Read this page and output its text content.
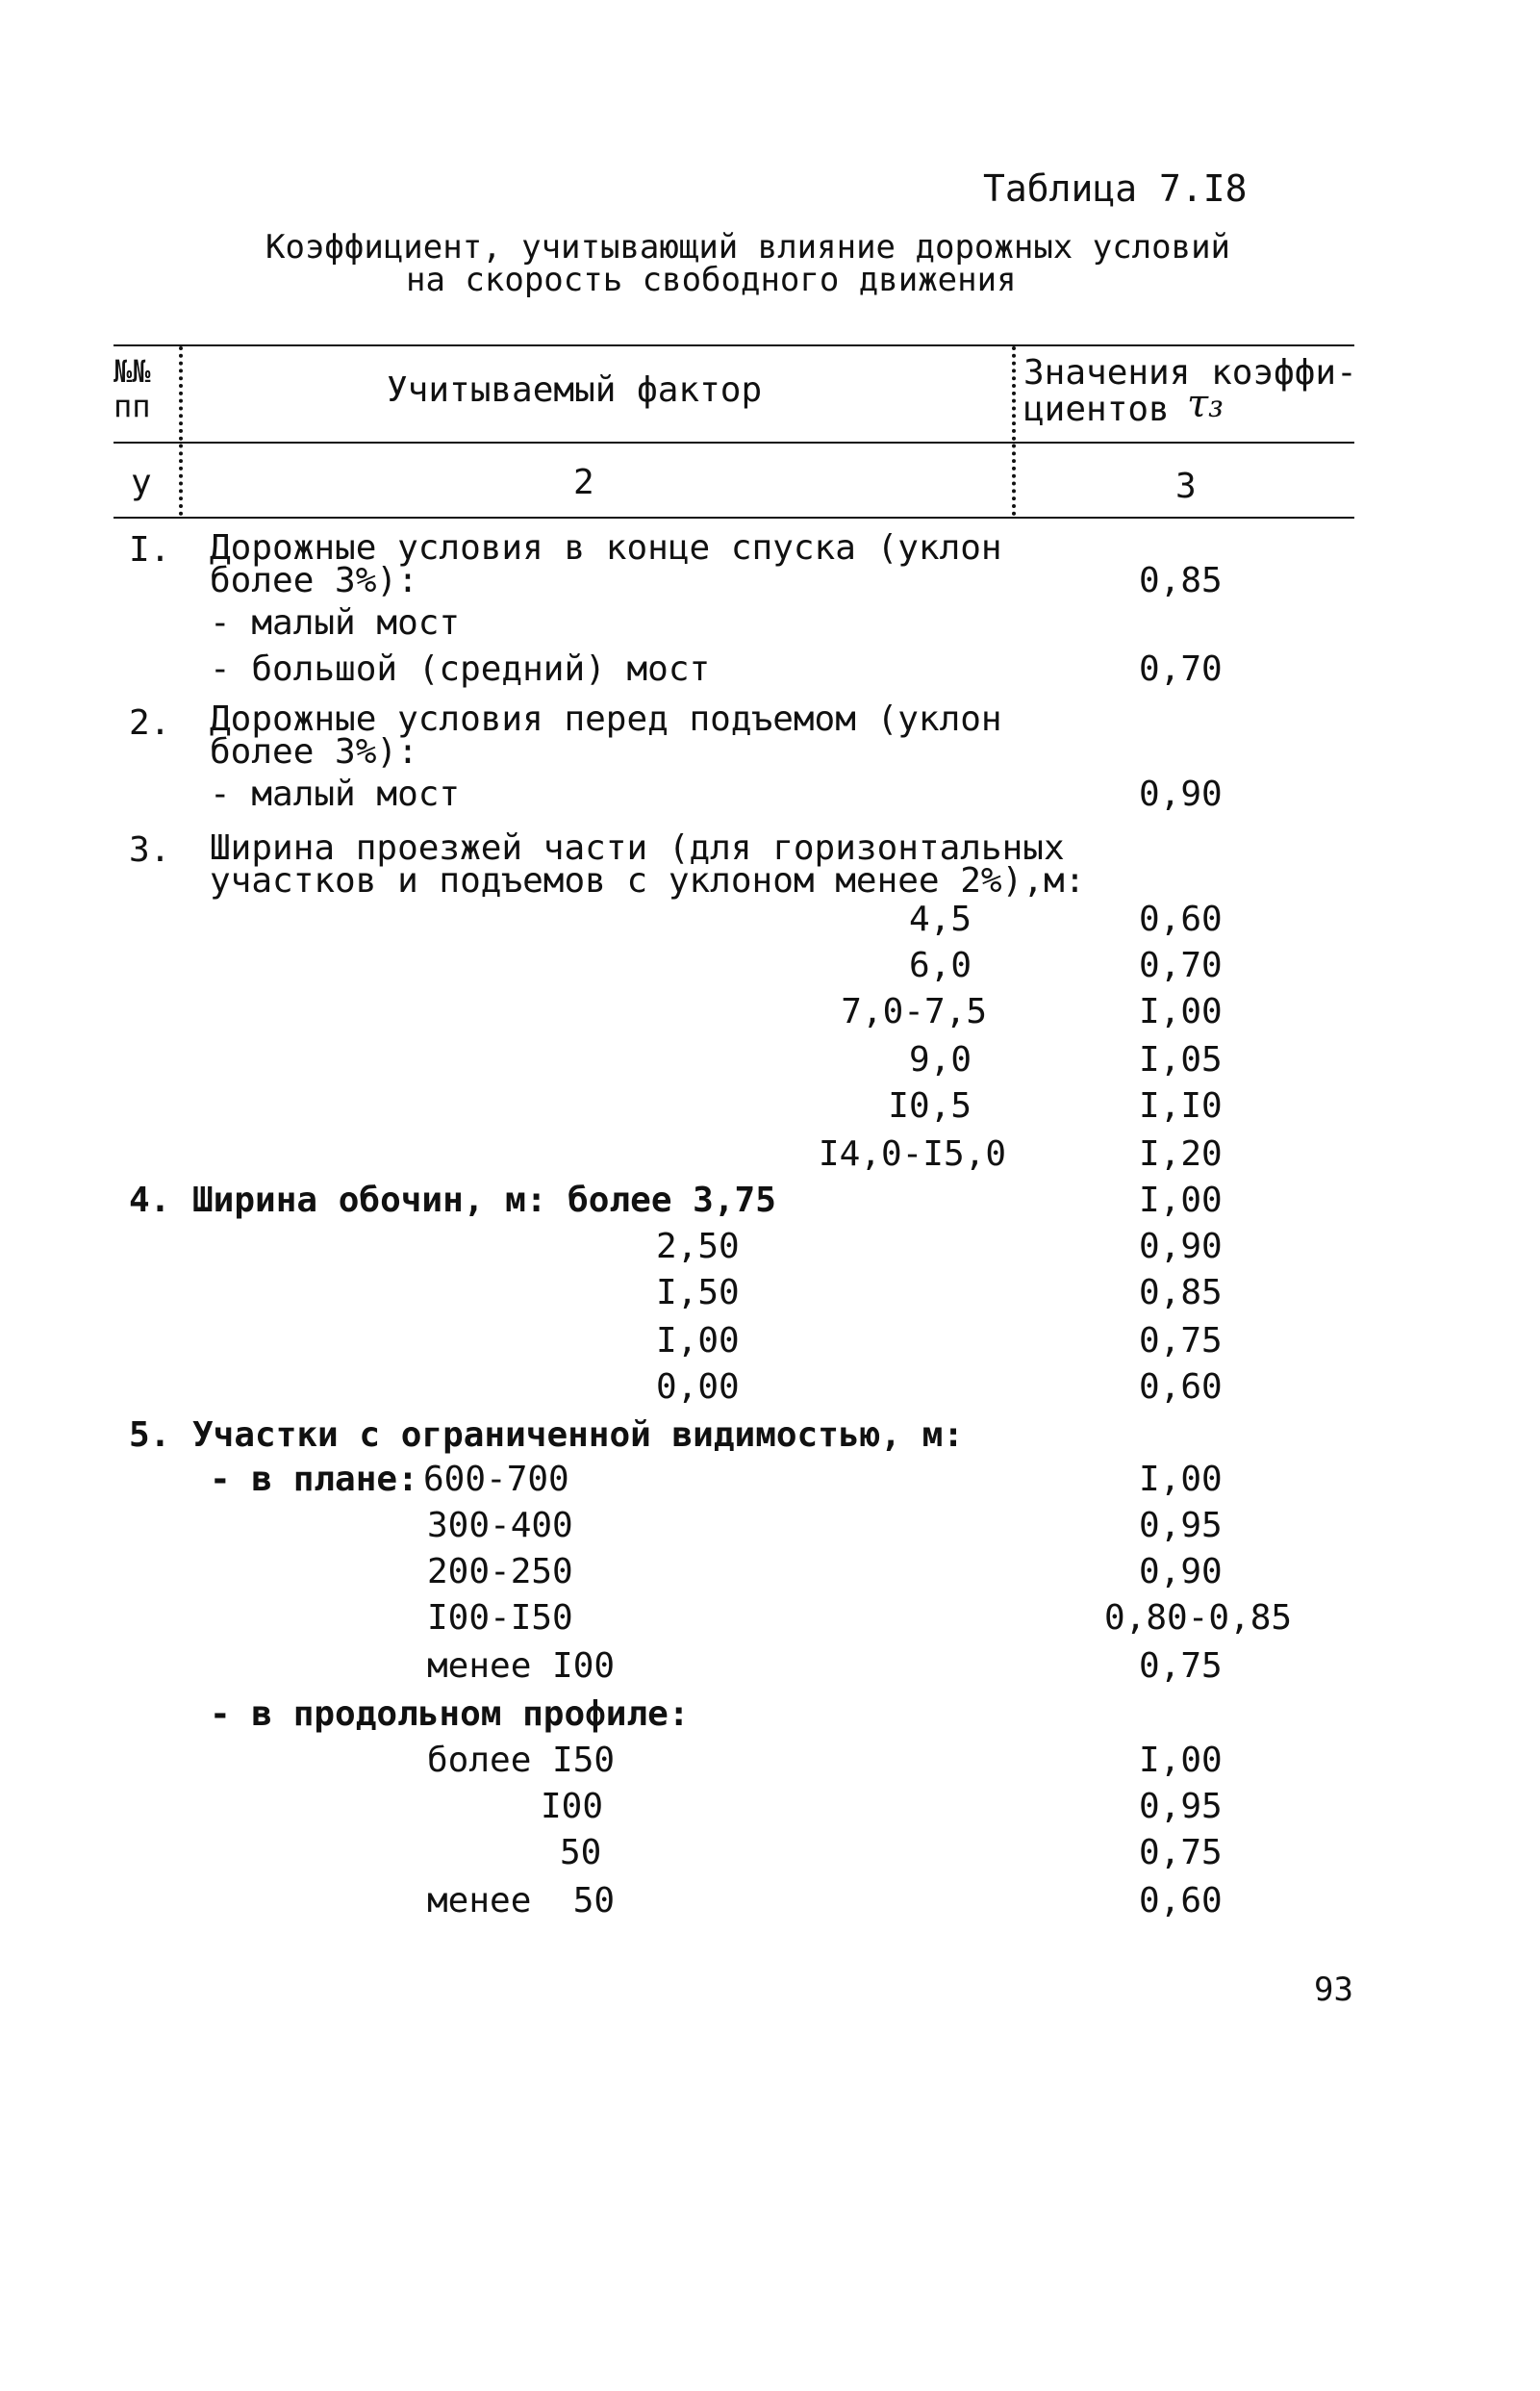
Таблица 7.I8
Коэффициент, учитывающий влияние дорожных условий
на скорость свободного движения
№№
пп	Учитываемый фактор	Значения коэффи-
циентов τ₃
у	2	3
I. Дорожные условия в конце спуска (уклон
более 3%):	0,85
- малый мост
- большой (средний) мост	0,70
2. Дорожные условия перед подъемом (уклон
более 3%):
- малый мост	0,90
3. Ширина проезжей части (для горизонтальных
участков и подъемов с уклоном менее 2%),м:
4,5	0,60
6,0	0,70
7,0-7,5	I,00
9,0	I,05
I0,5	I,I0
I4,0-I5,0	I,20
4. Ширина обочин, м: более 3,75	I,00
2,50	0,90
I,50	0,85
I,00	0,75
0,00	0,60
5. Участки с ограниченной видимостью, м:
- в плане: 600-700	I,00
300-400	0,95
200-250	0,90
I00-I50	0,80-0,85
менее I00	0,75
- в продольном профиле:
более I50	I,00
I00	0,95
50	0,75
менее  50	0,60
93
